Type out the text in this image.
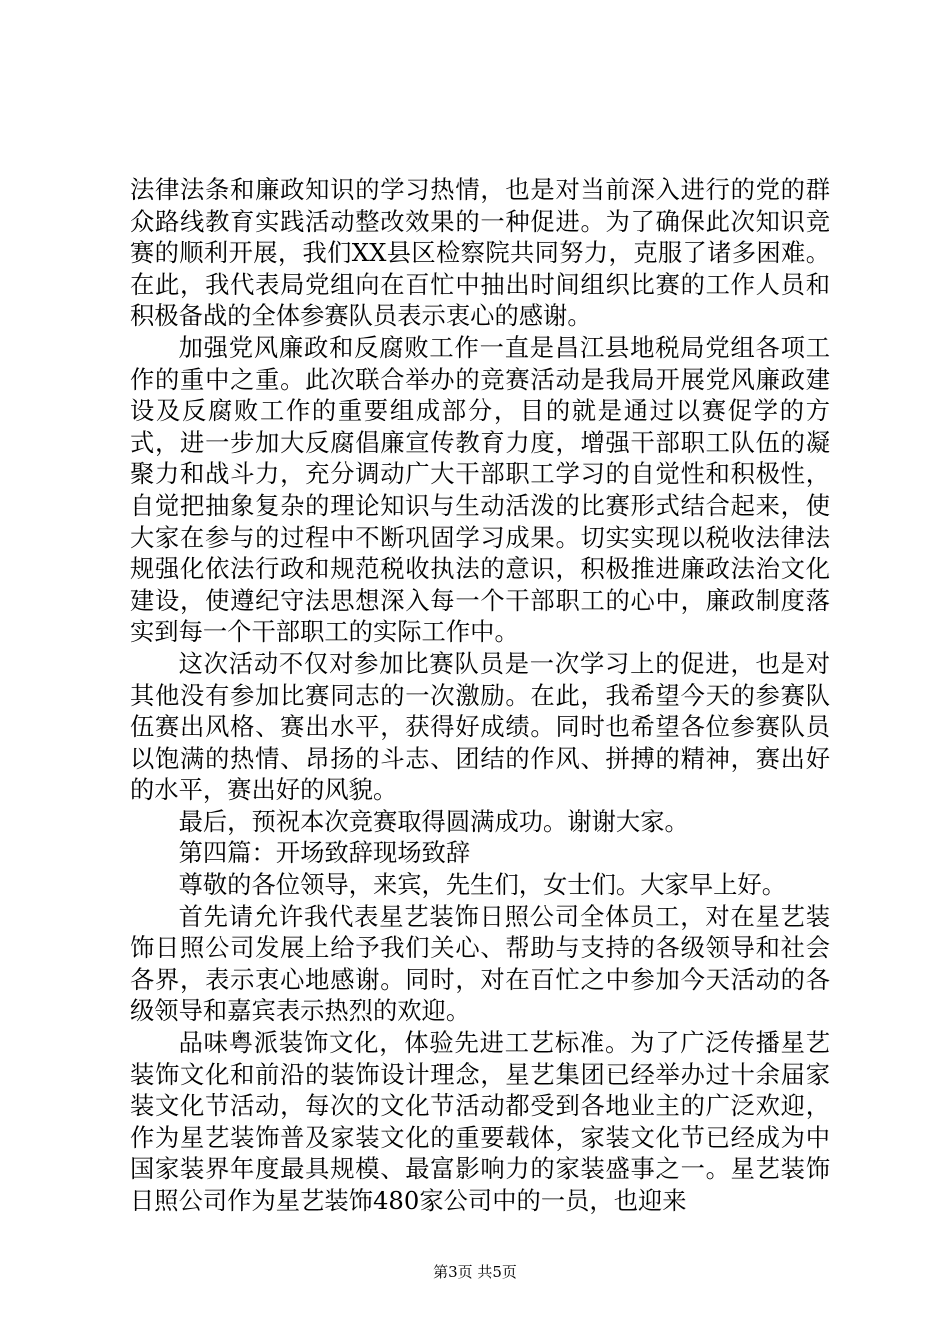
法律法条和廉政知识的学习热情，也是对当前深入进行的党的群众路线教育实践活动整改效果的一种促进。为了确保此次知识竞赛的顺利开展，我们XX县区检察院共同努力，克服了诸多困难。在此，我代表局党组向在百忙中抽出时间组织比赛的工作人员和积极备战的全体参赛队员表示衷心的感谢。

加强党风廉政和反腐败工作一直是昌江县地税局党组各项工作的重中之重。此次联合举办的竞赛活动是我局开展党风廉政建设及反腐败工作的重要组成部分，目的就是通过以赛促学的方式，进一步加大反腐倡廉宣传教育力度，增强干部职工队伍的凝聚力和战斗力，充分调动广大干部职工学习的自觉性和积极性，自觉把抽象复杂的理论知识与生动活泼的比赛形式结合起来，使大家在参与的过程中不断巩固学习成果。切实实现以税收法律法规强化依法行政和规范税收执法的意识，积极推进廉政法治文化建设，使遵纪守法思想深入每一个干部职工的心中，廉政制度落实到每一个干部职工的实际工作中。

这次活动不仅对参加比赛队员是一次学习上的促进，也是对其他没有参加比赛同志的一次激励。在此，我希望今天的参赛队伍赛出风格、赛出水平，获得好成绩。同时也希望各位参赛队员以饱满的热情、昂扬的斗志、团结的作风、拼搏的精神，赛出好的水平，赛出好的风貌。

最后，预祝本次竞赛取得圆满成功。谢谢大家。

第四篇：开场致辞现场致辞

尊敬的各位领导，来宾，先生们，女士们。大家早上好。

首先请允许我代表星艺装饰日照公司全体员工，对在星艺装饰日照公司发展上给予我们关心、帮助与支持的各级领导和社会各界，表示衷心地感谢。同时，对在百忙之中参加今天活动的各级领导和嘉宾表示热烈的欢迎。

品味粤派装饰文化，体验先进工艺标准。为了广泛传播星艺装饰文化和前沿的装饰设计理念，星艺集团已经举办过十余届家装文化节活动，每次的文化节活动都受到各地业主的广泛欢迎，作为星艺装饰普及家装文化的重要载体，家装文化节已经成为中国家装界年度最具规模、最富影响力的家装盛事之一。星艺装饰日照公司作为星艺装饰480家公司中的一员，也迎来

第3页 共5页
